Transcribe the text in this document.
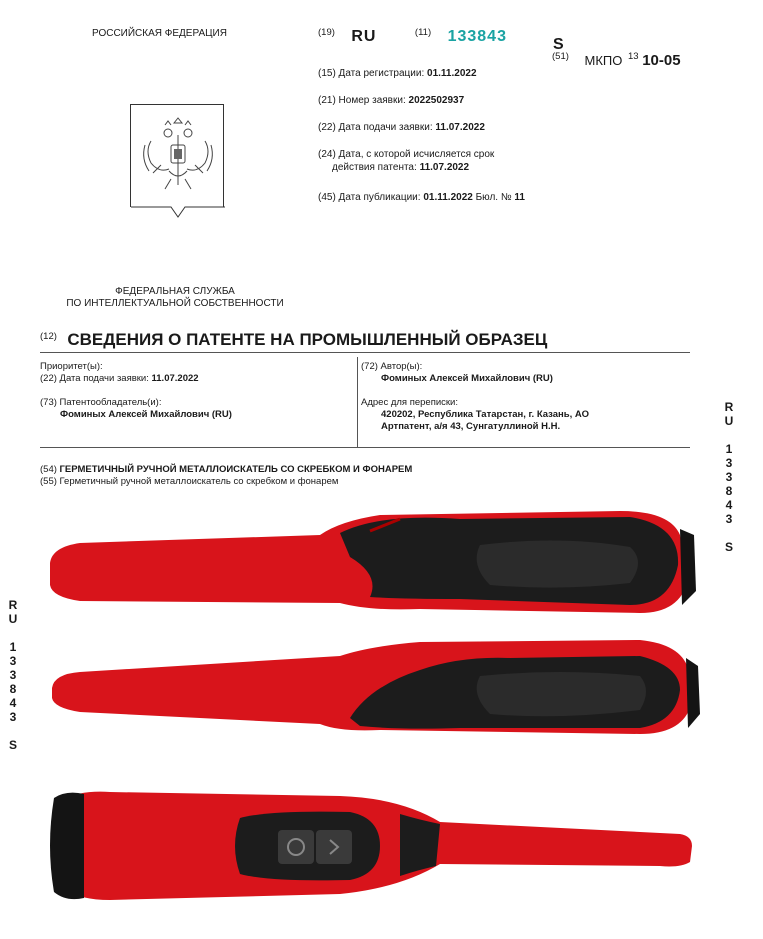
РОССИЙСКАЯ ФЕДЕРАЦИЯ
ФЕДЕРАЛЬНАЯ СЛУЖБА
ПО ИНТЕЛЛЕКТУАЛЬНОЙ СОБСТВЕННОСТИ
$^{(19)}$ RU	$^{(11)}$ 133843	S
$^{(51)}$ МКПО $^{13}$ 10-05
(15) Дата регистрации: 01.11.2022
(21) Номер заявки: 2022502937
(22) Дата подачи заявки: 11.07.2022
(24) Дата, с которой исчисляется срок
действия патента: 11.07.2022
(45) Дата публикации: 01.11.2022 Бюл. № 11
$^{(12)}$ СВЕДЕНИЯ О ПАТЕНТЕ НА ПРОМЫШЛЕННЫЙ ОБРАЗЕЦ
Приоритет(ы):
(22) Дата подачи заявки: 11.07.2022
(73) Патентообладатель(и):
Фоминых Алексей Михайлович (RU)
(72) Автор(ы):
Фоминых Алексей Михайлович (RU)
Адрес для переписки:
420202, Республика Татарстан, г. Казань, АО
Артпатент, а/я 43, Сунгатуллиной Н.Н.
(54) ГЕРМЕТИЧНЫЙ РУЧНОЙ МЕТАЛЛОИСКАТЕЛЬ СО СКРЕБКОМ И ФОНАРЕМ
(55) Герметичный ручной металлоискатель со скребком и фонарем	RU 133843 S
RU 133843 S
